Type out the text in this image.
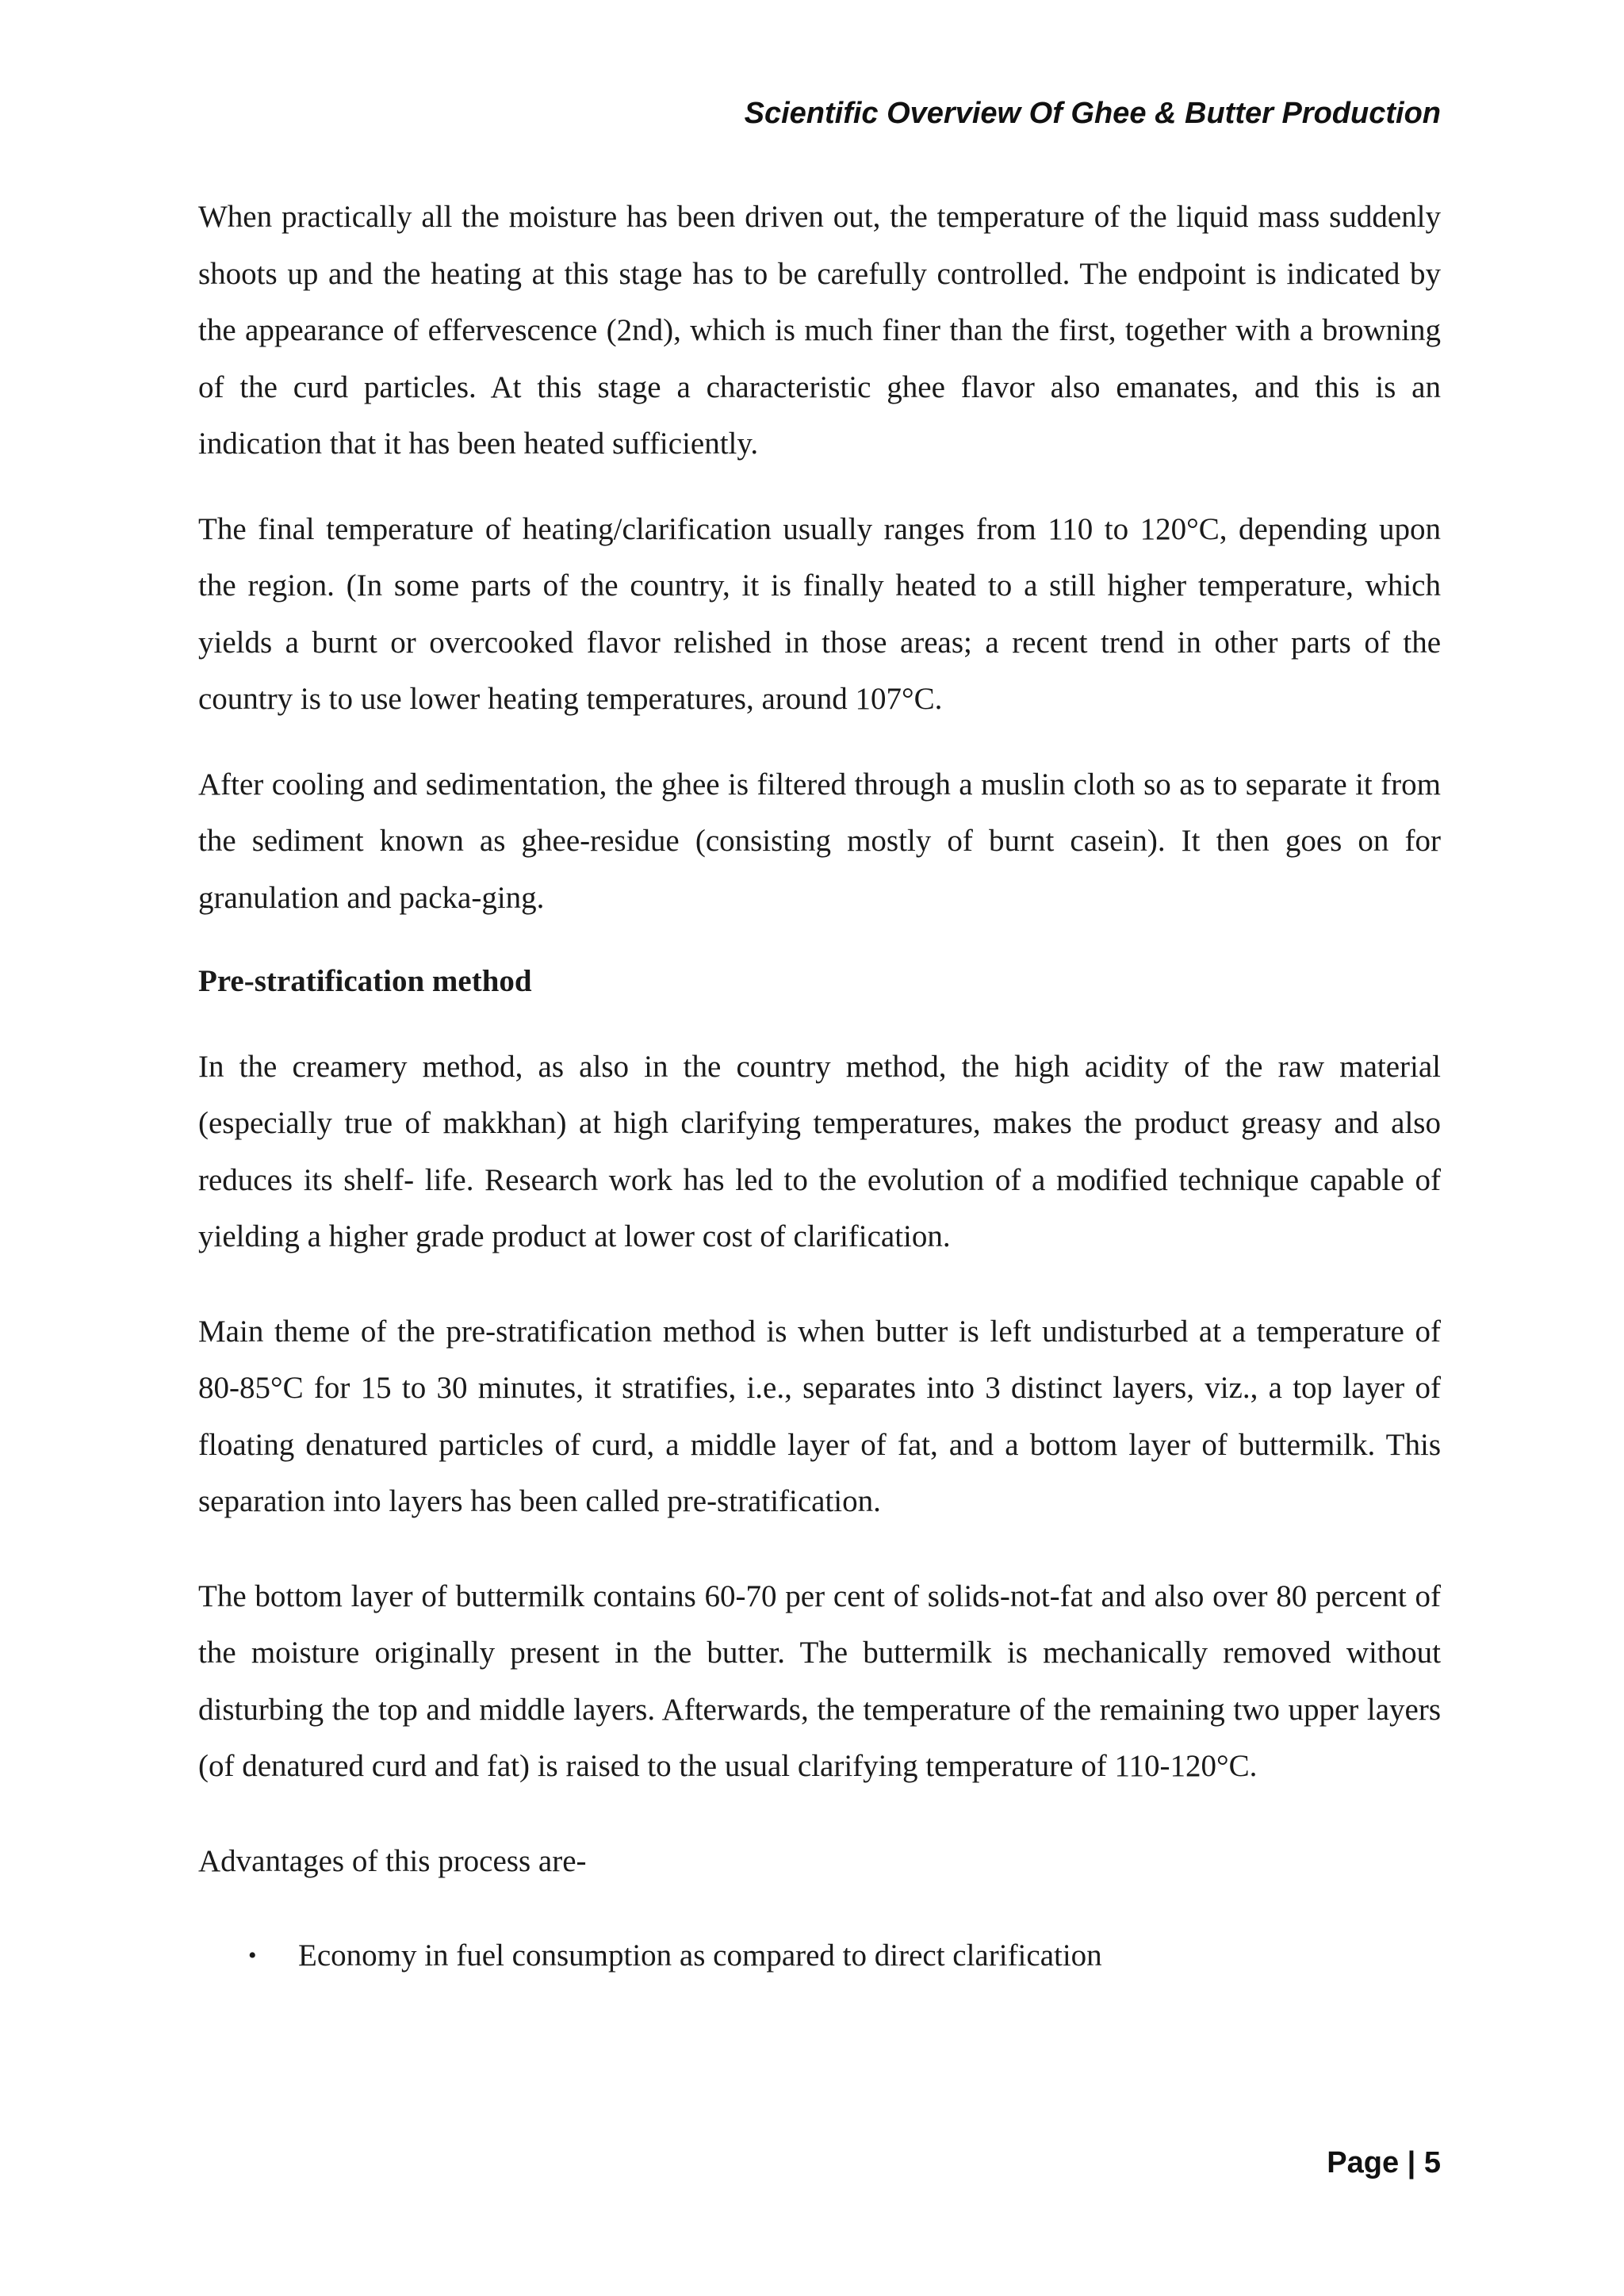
Scientific Overview Of Ghee & Butter Production

When practically all the moisture has been driven out, the temperature of the liquid mass suddenly shoots up and the heating at this stage has to be carefully controlled. The endpoint is indicated by the appearance of effervescence (2nd), which is much finer than the first, together with a browning of the curd particles. At this stage a characteristic ghee flavor also emanates, and this is an indication that it has been heated sufficiently.

The final temperature of heating/clarification usually ranges from 110 to 120°C, depending upon the region. (In some parts of the country, it is finally heated to a still higher temperature, which yields a burnt or overcooked flavor relished in those areas; a recent trend in other parts of the country is to use lower heating temperatures, around 107°C.

After cooling and sedimentation, the ghee is filtered through a muslin cloth so as to separate it from the sediment known as ghee-residue (consisting mostly of burnt casein). It then goes on for granulation and packa-ging.

Pre-stratification method

In the creamery method, as also in the country method, the high acidity of the raw material (especially true of makkhan) at high clarifying temperatures, makes the product greasy and also reduces its shelf- life. Research work has led to the evolution of a modified technique capable of yielding a higher grade product at lower cost of clarification.

Main theme of the pre-stratification method is when butter is left undisturbed at a temperature of 80-85°C for 15 to 30 minutes, it stratifies, i.e., separates into 3 distinct layers, viz., a top layer of floating denatured particles of curd, a middle layer of fat, and a bottom layer of buttermilk. This separation into layers has been called pre-stratification.

The bottom layer of buttermilk contains 60-70 per cent of solids-not-fat and also over 80 percent of the moisture originally present in the butter. The buttermilk is mechanically removed without disturbing the top and middle layers. Afterwards, the temperature of the remaining two upper layers (of denatured curd and fat) is raised to the usual clarifying temperature of 110-120°C.

Advantages of this process are-

• Economy in fuel consumption as compared to direct clarification
Page | 5
